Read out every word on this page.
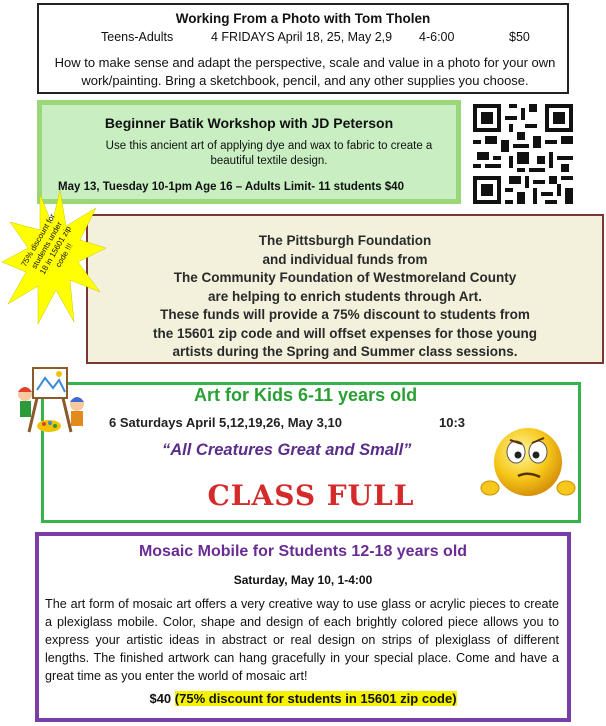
Working From a Photo with Tom Tholen
Teens-Adults	4 FRIDAYS April 18, 25, May 2,9 4-6:00	$50
How to make sense and adapt the perspective, scale and value in a photo for your own work/painting. Bring a sketchbook, pencil, and any other supplies you choose.
Beginner Batik Workshop with JD Peterson
Use this ancient art of applying dye and wax to fabric to create a beautiful textile design.
May 13, Tuesday 10-1pm Age 16 – Adults Limit- 11 students $40
The Pittsburgh Foundation
and individual funds from
The Community Foundation of Westmoreland County
are helping to enrich students through Art.
These funds will provide a 75% discount to students from
the 15601 zip code and will offset expenses for those young
artists during the Spring and Summer class sessions.
75% discount for students under 18 in 15601 zip code !!!
Art for Kids 6-11 years old
6 Saturdays April 5,12,19,26, May 3,10	10:3
“All Creatures Great and Small”
CLASS FULL
Mosaic Mobile for Students 12-18 years old
Saturday, May 10, 1-4:00
The art form of mosaic art offers a very creative way to use glass or acrylic pieces to create a plexiglass mobile. Color, shape and design of each brightly colored piece allows you to express your artistic ideas in abstract or real design on strips of plexiglass of different lengths. The finished artwork can hang gracefully in your special place. Come and have a great time as you enter the world of mosaic art!
$40 (75% discount for students in 15601 zip code)
